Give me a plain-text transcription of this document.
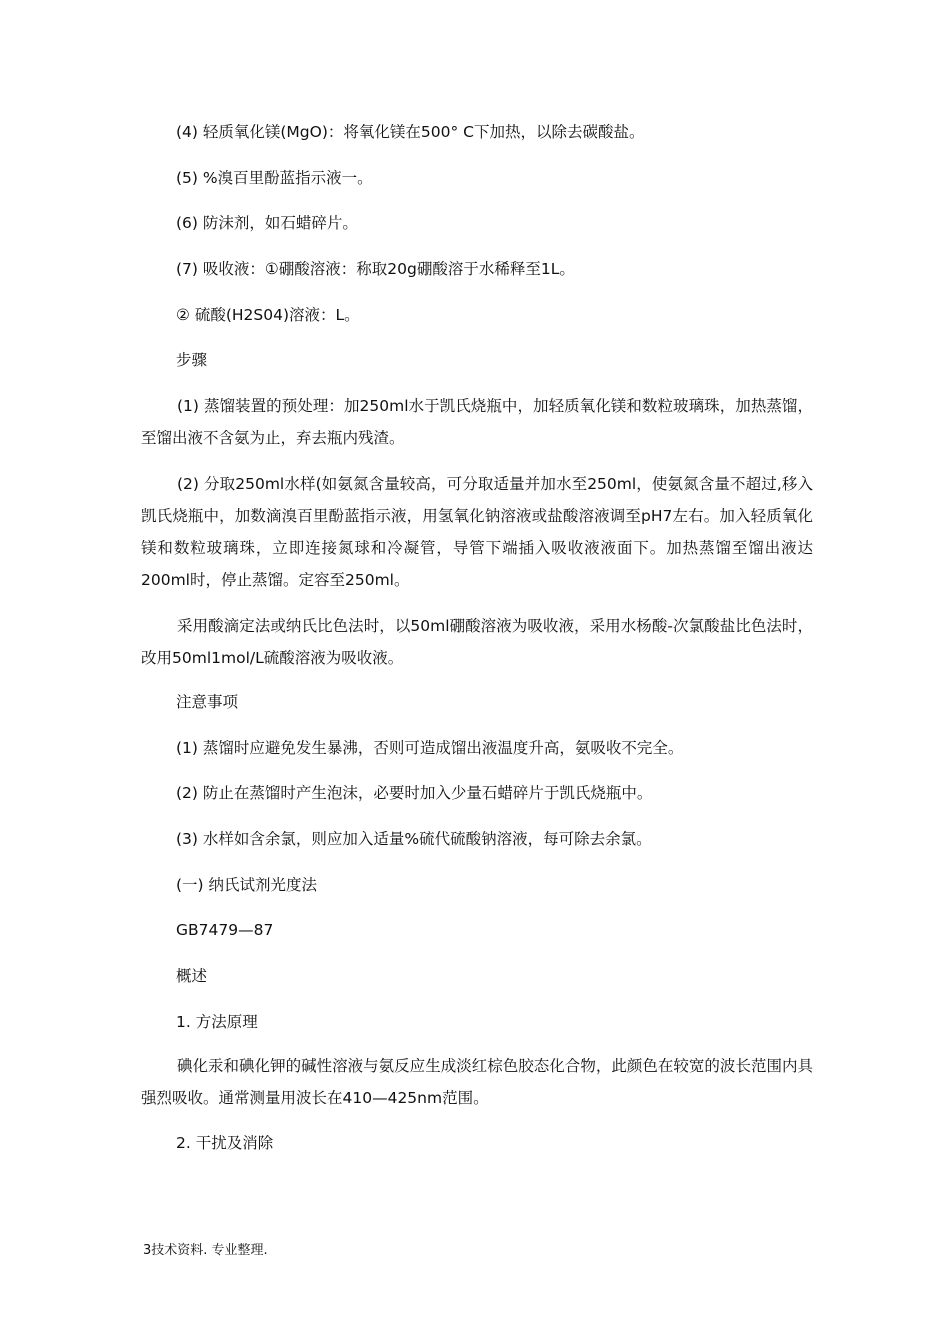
(4) 轻质氧化镁(MgO)：将氧化镁在500° C下加热，以除去碳酸盐。

(5) %溴百里酚蓝指示液一。

(6) 防沫剂，如石蜡碎片。

(7) 吸收液：①硼酸溶液：称取20g硼酸溶于水稀释至1L。

② 硫酸(H2S04)溶液：L。

步骤

(1) 蒸馏装置的预处理：加250ml水于凯氏烧瓶中，加轻质氧化镁和数粒玻璃珠，加热蒸馏，至馏出液不含氨为止，弃去瓶内残渣。

(2) 分取250ml水样(如氨氮含量较高，可分取适量并加水至250ml，使氨氮含量不超过,移入凯氏烧瓶中，加数滴溴百里酚蓝指示液，用氢氧化钠溶液或盐酸溶液调至pH7左右。加入轻质氧化镁和数粒玻璃珠，立即连接氮球和冷凝管，导管下端插入吸收液液面下。加热蒸馏至馏出液达200ml时，停止蒸馏。定容至250ml。

采用酸滴定法或纳氏比色法时，以50ml硼酸溶液为吸收液，采用水杨酸-次氯酸盐比色法时，改用50ml1mol/L硫酸溶液为吸收液。

注意事项

(1) 蒸馏时应避免发生暴沸，否则可造成馏出液温度升高，氨吸收不完全。

(2) 防止在蒸馏时产生泡沫，必要时加入少量石蜡碎片于凯氏烧瓶中。

(3) 水样如含余氯，则应加入适量%硫代硫酸钠溶液，每可除去余氯。

(一) 纳氏试剂光度法

GB7479—87

概述

1. 方法原理

碘化汞和碘化钾的碱性溶液与氨反应生成淡红棕色胶态化合物，此颜色在较宽的波长范围内具强烈吸收。通常测量用波长在410—425nm范围。

2. 干扰及消除

3技术资料. 专业整理.
